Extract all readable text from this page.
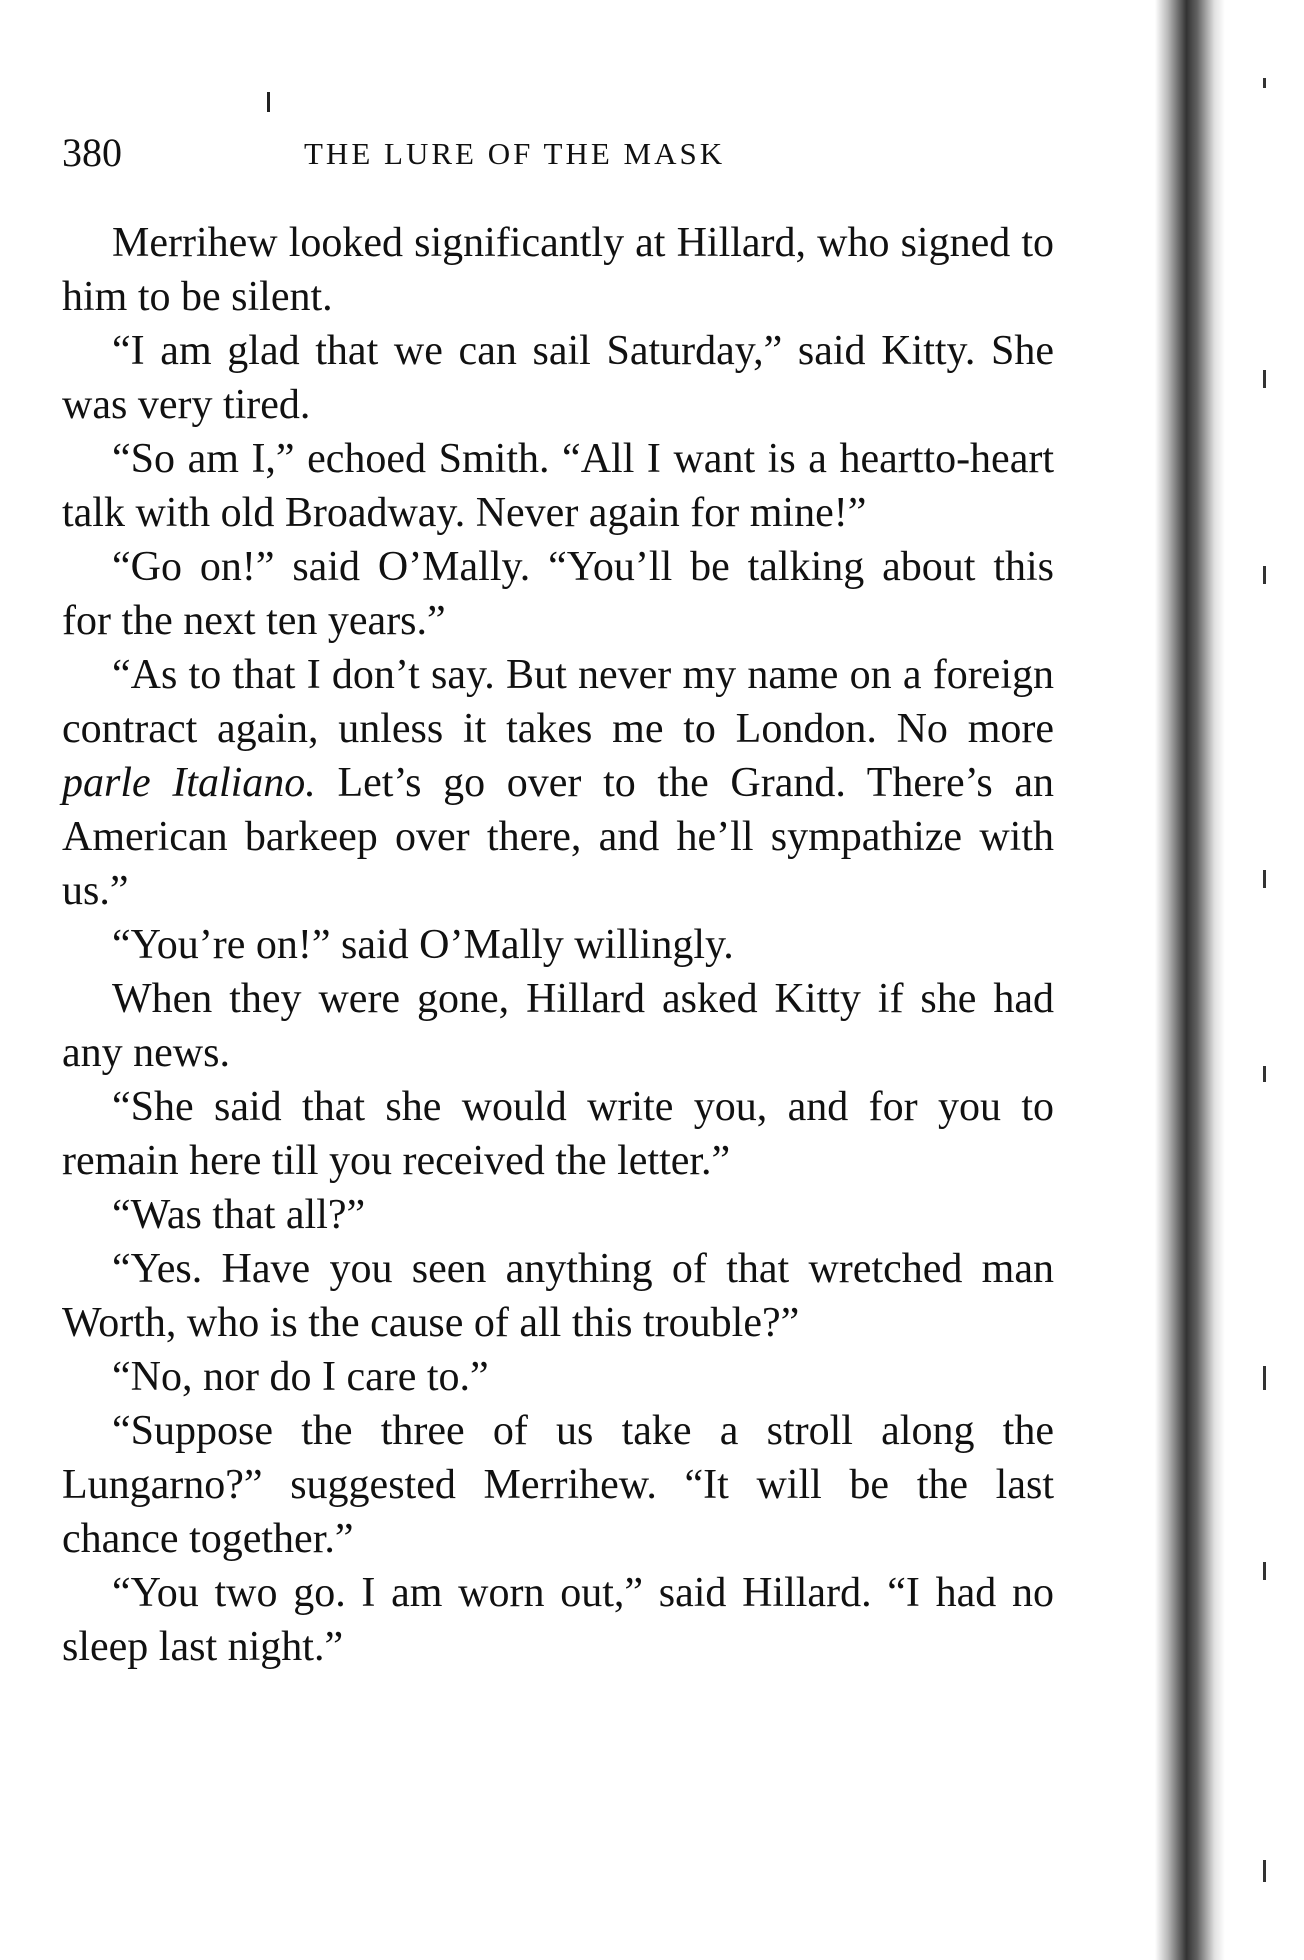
380	THE LURE OF THE MASK

Merrihew looked significantly at Hillard, who signed to him to be silent.

“I am glad that we can sail Saturday,” said Kitty. She was very tired.

“So am I,” echoed Smith. “All I want is a heartto-heart talk with old Broadway. Never again for mine!”

“Go on!” said O’Mally. “You’ll be talking about this for the next ten years.”

“As to that I don’t say. But never my name on a foreign contract again, unless it takes me to London. No more parle Italiano. Let’s go over to the Grand. There’s an American barkeep over there, and he’ll sympathize with us.”

“You’re on!” said O’Mally willingly.

When they were gone, Hillard asked Kitty if she had any news.

“She said that she would write you, and for you to remain here till you received the letter.”

“Was that all?”

“Yes. Have you seen anything of that wretched man Worth, who is the cause of all this trouble?”

“No, nor do I care to.”

“Suppose the three of us take a stroll along the Lungarno?” suggested Merrihew. “It will be the last chance together.”

“You two go. I am worn out,” said Hillard. “I had no sleep last night.”
